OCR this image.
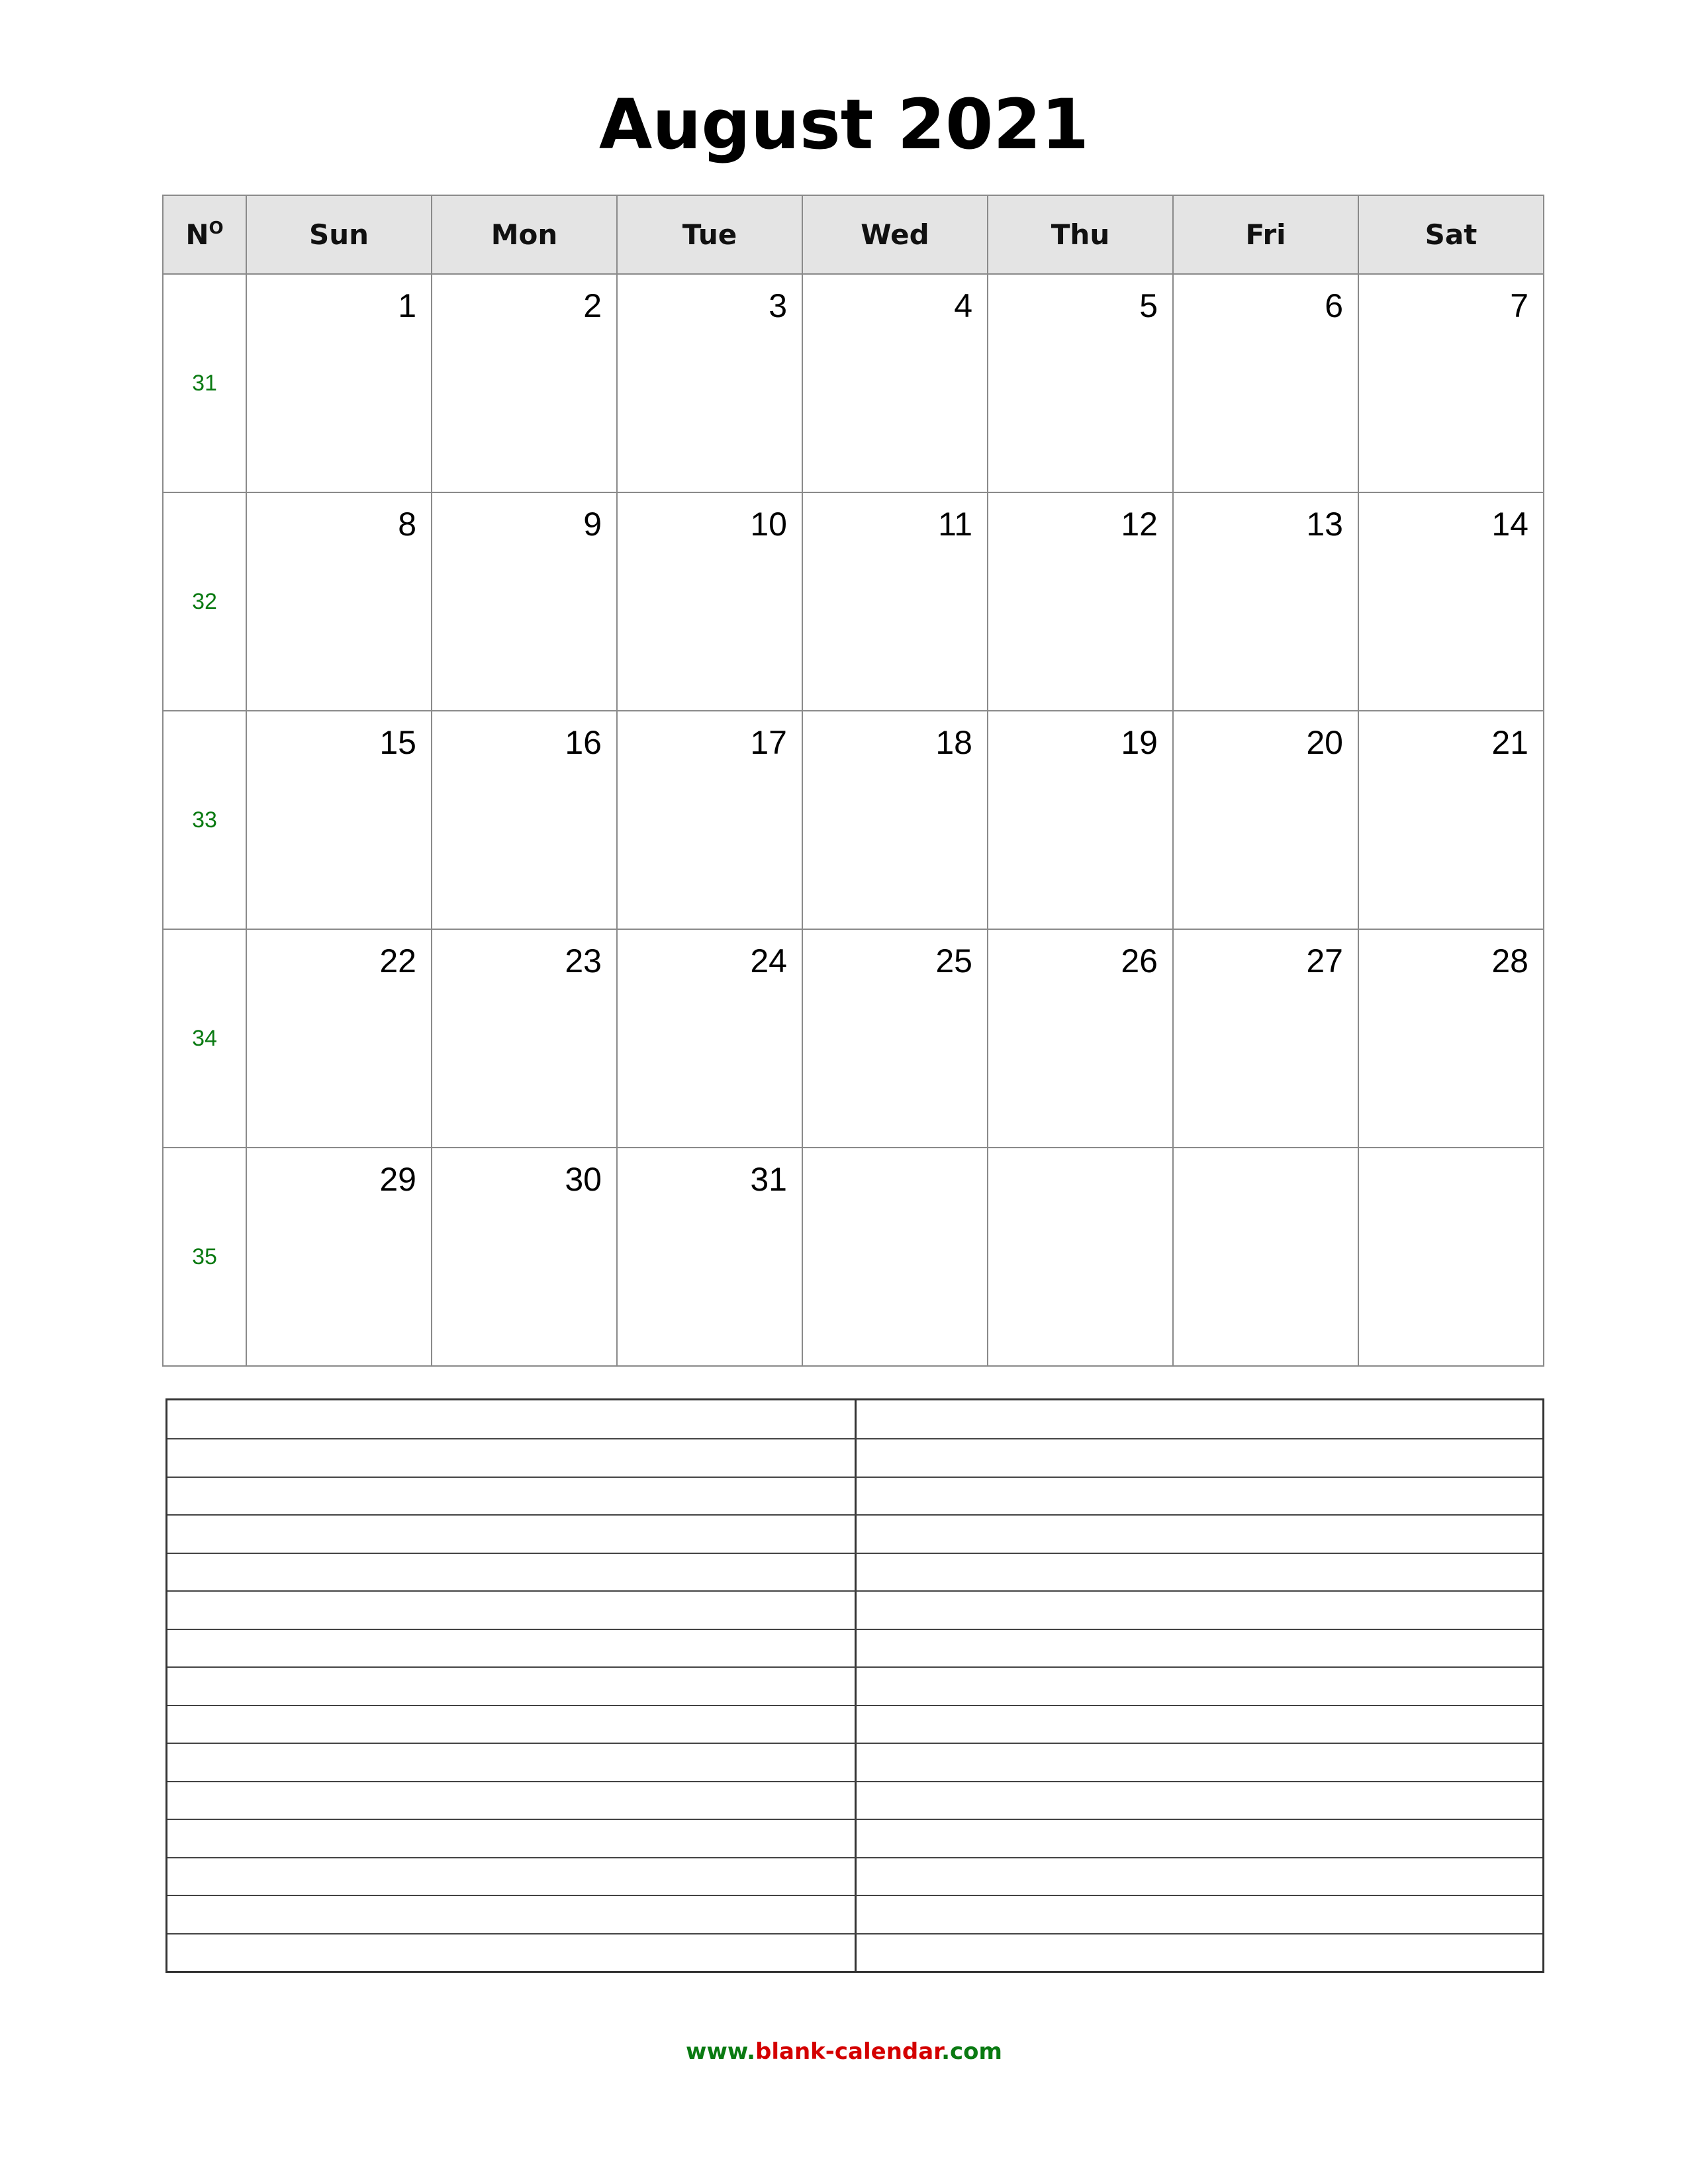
August 2021
$N^O$	Sun	Mon	Tue	Wed	Thu	Fri	Sat
31	1	2	3	4	5	6	7

32	8	9	10	11	12	13	14

33	15	16	17	18	19	20	21

34	22	23	24	25	26	27	28

35	29	30	31				

www.blank-calendar.com
